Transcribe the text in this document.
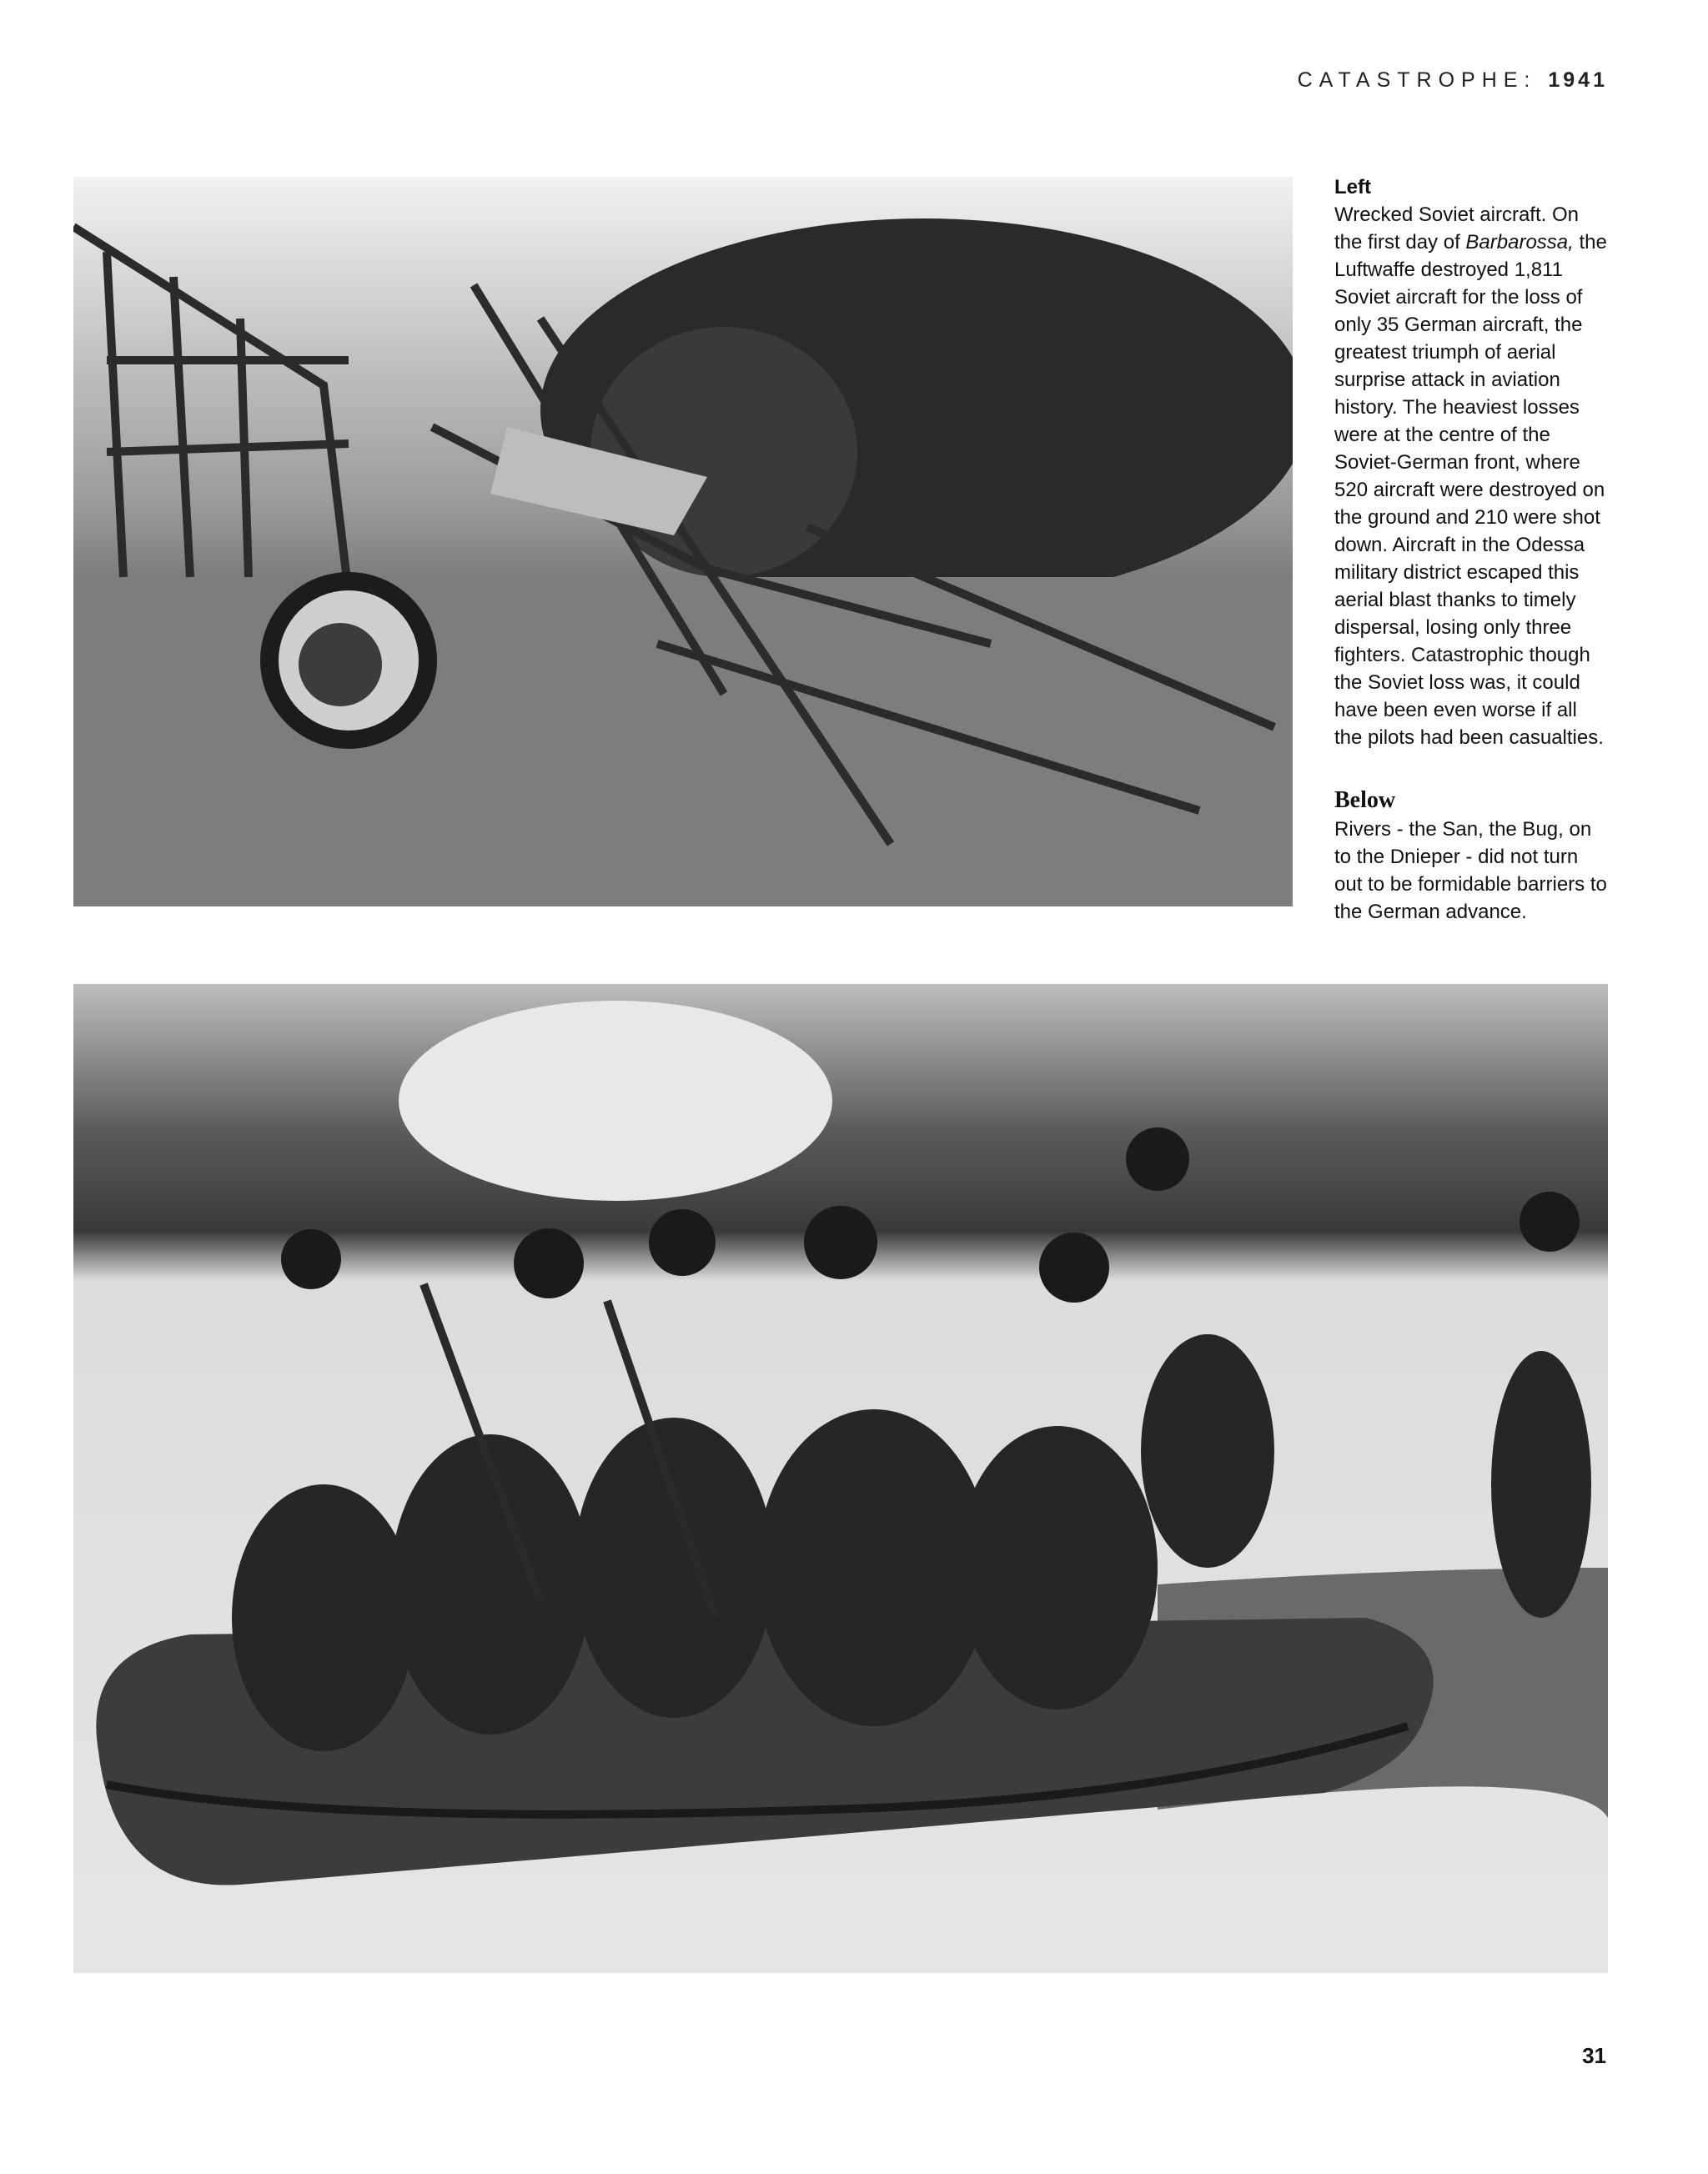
CATASTROPHE: 1941
Left

Wrecked Soviet aircraft. On the first day of Barbarossa, the Luftwaffe destroyed 1,811 Soviet aircraft for the loss of only 35 German aircraft, the greatest triumph of aerial surprise attack in aviation history. The heaviest losses were at the centre of the Soviet-German front, where 520 aircraft were destroyed on the ground and 210 were shot down. Aircraft in the Odessa military district escaped this aerial blast thanks to timely dispersal, losing only three fighters. Catastrophic though the Soviet loss was, it could have been even worse if all the pilots had been casualties.

Below

Rivers - the San, the Bug, on to the Dnieper - did not turn out to be formidable barriers to the German advance.

31
